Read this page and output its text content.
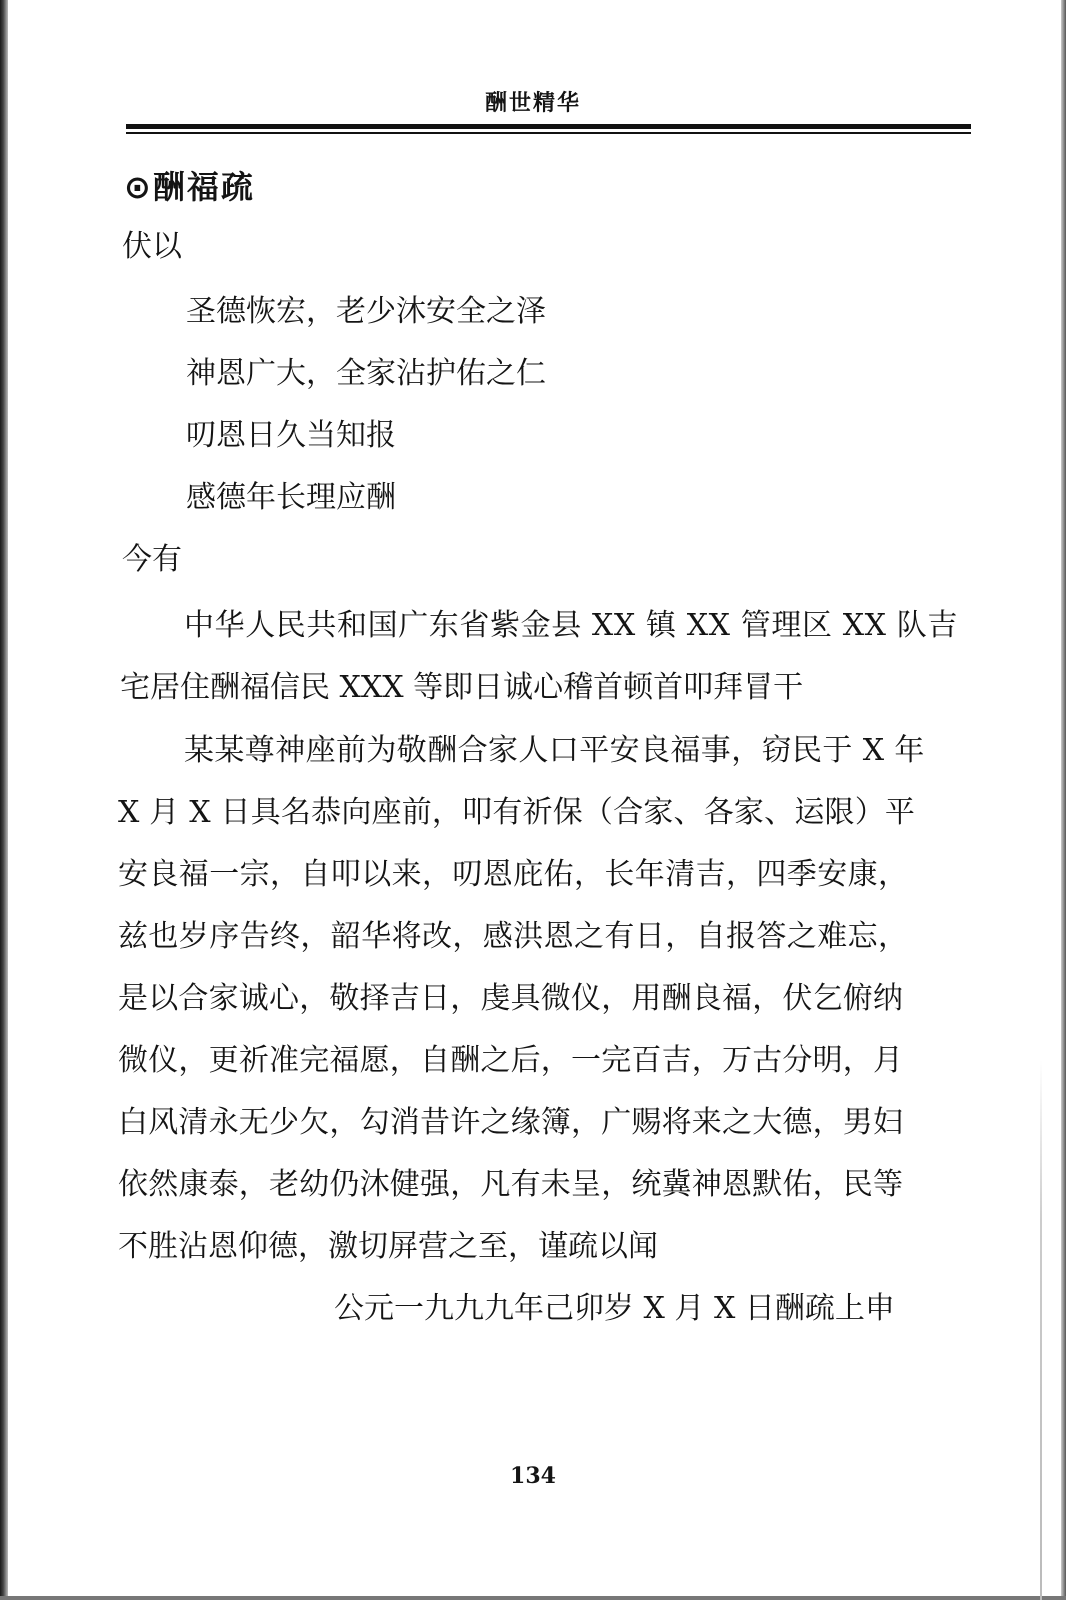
酬世精华
⊙酬福疏
伏以
圣德恢宏，老少沐安全之泽
神恩广大，全家沾护佑之仁
叨恩日久当知报
感德年长理应酬
今有
中华人民共和国广东省紫金县 XX 镇 XX 管理区 XX 队吉
宅居住酬福信民 XXX 等即日诚心稽首顿首叩拜冒干
某某尊神座前为敬酬合家人口平安良福事，窃民于 X 年
X 月 X 日具名恭向座前，叩有祈保（合家、各家、运限）平
安良福一宗，自叩以来，叨恩庇佑，长年清吉，四季安康，
兹也岁序告终，韶华将改，感洪恩之有日，自报答之难忘，
是以合家诚心，敬择吉日，虔具微仪，用酬良福，伏乞俯纳
微仪，更祈准完福愿，自酬之后，一完百吉，万古分明，月
白风清永无少欠，勾消昔许之缘簿，广赐将来之大德，男妇
依然康泰，老幼仍沐健强，凡有未呈，统冀神恩默佑，民等
不胜沾恩仰德，激切屏营之至，谨疏以闻
公元一九九九年己卯岁 X 月 X 日酬疏上申
134
